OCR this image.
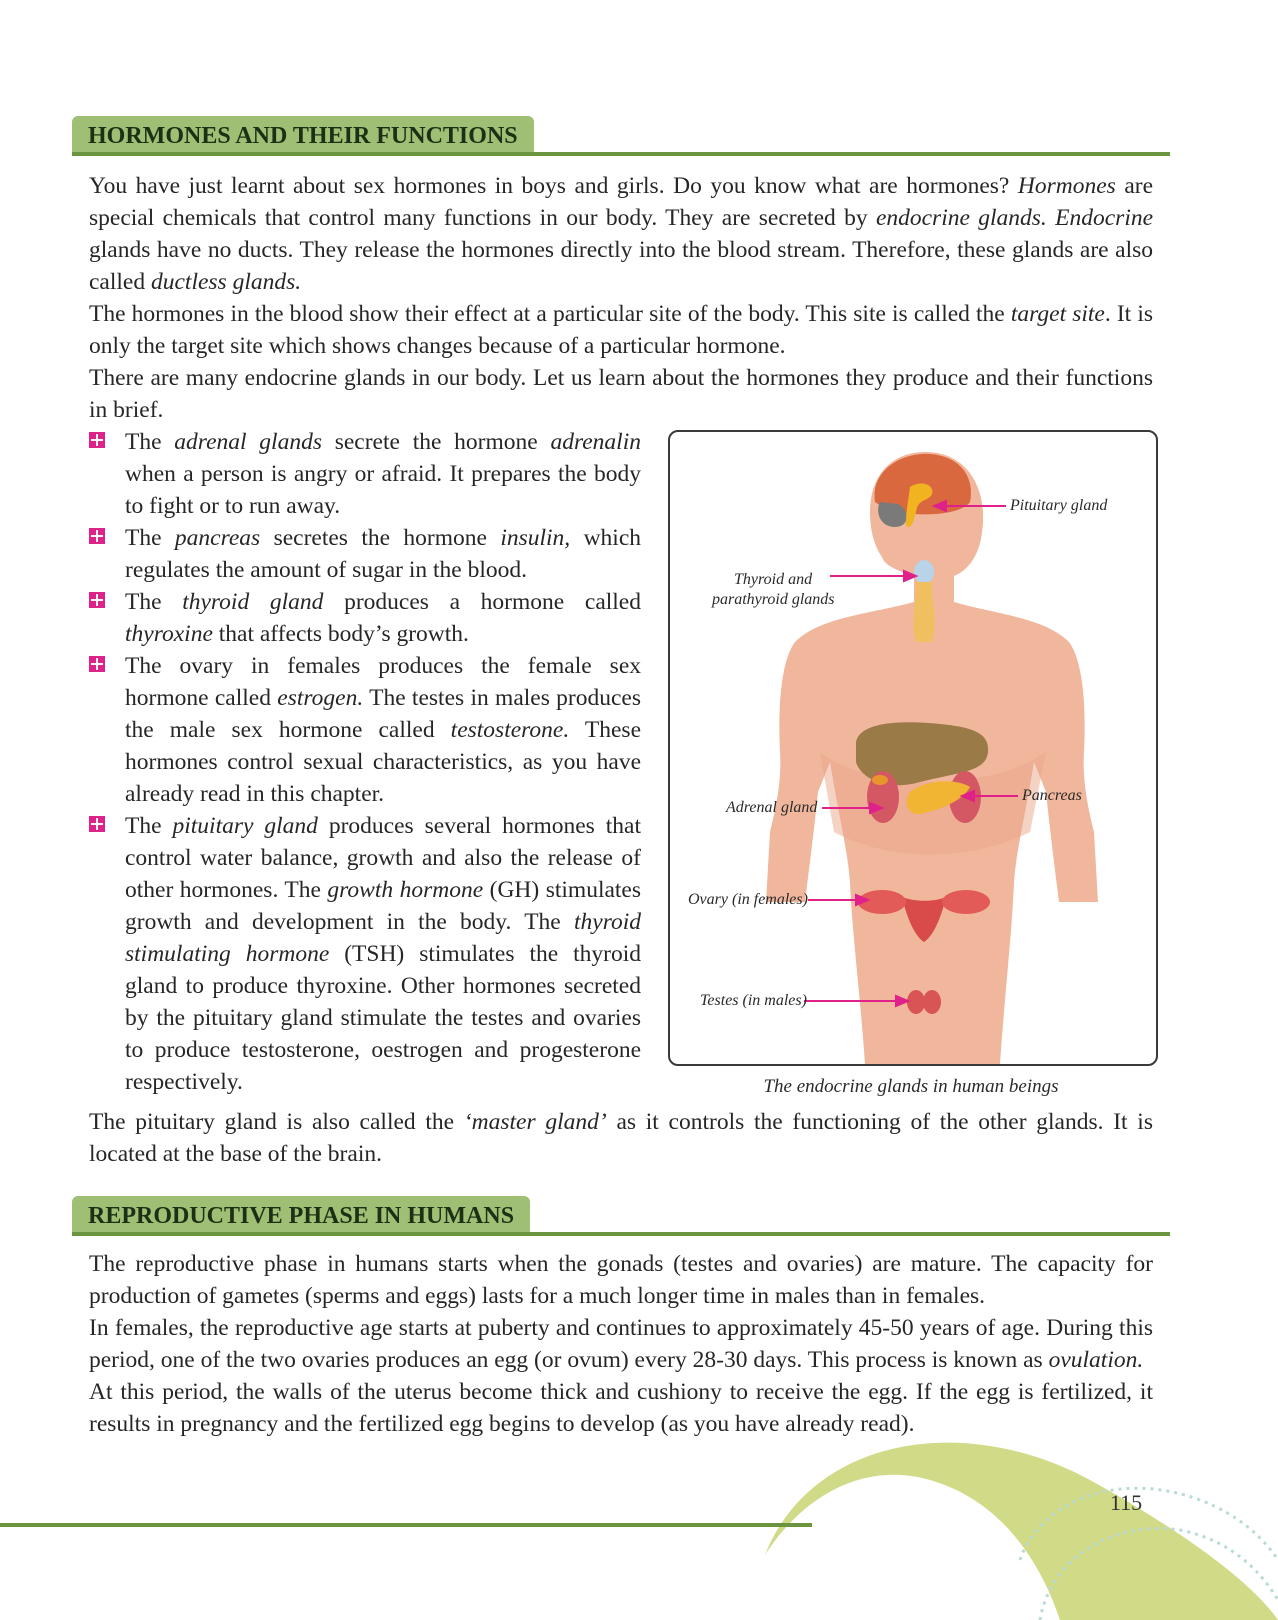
HORMONES AND THEIR FUNCTIONS

You have just learnt about sex hormones in boys and girls. Do you know what are hormones? Hormones are special chemicals that control many functions in our body. They are secreted by endocrine glands. Endocrine glands have no ducts. They release the hormones directly into the blood stream. Therefore, these glands are also called ductless glands.

The hormones in the blood show their effect at a particular site of the body. This site is called the target site. It is only the target site which shows changes because of a particular hormone.

There are many endocrine glands in our body. Let us learn about the hormones they produce and their functions in brief.

The adrenal glands secrete the hormone adrenalin when a person is angry or afraid. It prepares the body to fight or to run away.
The pancreas secretes the hormone insulin, which regulates the amount of sugar in the blood.
The thyroid gland produces a hormone called thyroxine that affects body’s growth.
The ovary in females produces the female sex hormone called estrogen. The testes in males produces the male sex hormone called testosterone. These hormones control sexual characteristics, as you have already read in this chapter.
The pituitary gland produces several hormones that control water balance, growth and also the release of other hormones. The growth hormone (GH) stimulates growth and development in the body. The thyroid stimulating hormone (TSH) stimulates the thyroid gland to produce thyroxine. Other hormones secreted by the pituitary gland stimulate the testes and ovaries to produce testosterone, oestrogen and progesterone respectively.
Pituitary gland
Thyroid and
parathyroid glands
Pancreas
Adrenal gland
Ovary (in females)
Testes (in males)
The endocrine glands in human beings

The pituitary gland is also called the ‘master gland’ as it controls the functioning of the other glands. It is located at the base of the brain.

REPRODUCTIVE PHASE IN HUMANS

The reproductive phase in humans starts when the gonads (testes and ovaries) are mature. The capacity for production of gametes (sperms and eggs) lasts for a much longer time in males than in females.

In females, the reproductive age starts at puberty and continues to approximately 45-50 years of age. During this period, one of the two ovaries produces an egg (or ovum) every 28-30 days. This process is known as ovulation.

At this period, the walls of the uterus become thick and cushiony to receive the egg. If the egg is fertilized, it results in pregnancy and the fertilized egg begins to develop (as you have already read).

115
